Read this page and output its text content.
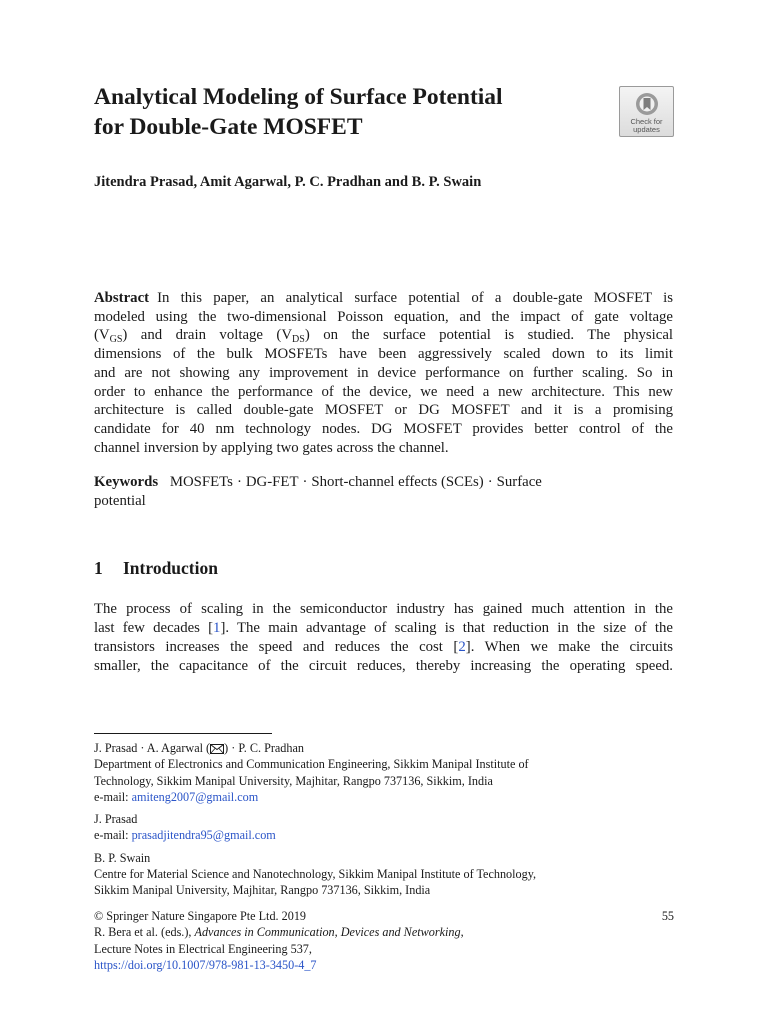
Analytical Modeling of Surface Potential
for Double-Gate MOSFET	Check for
updates
Jitendra Prasad, Amit Agarwal, P. C. Pradhan and B. P. Swain
Abstract In this paper, an analytical surface potential of a double-gate MOSFET is
modeled using the two-dimensional Poisson equation, and the impact of gate voltage
$(V_{GS})$ and drain voltage $(V_{DS})$ on the surface potential is studied. The physical
dimensions of the bulk MOSFETs have been aggressively scaled down to its limit
and are not showing any improvement in device performance on further scaling. So in
order to enhance the performance of the device, we need a new architecture. This new
architecture is called double-gate MOSFET or DG MOSFET and it is a promising
candidate for 40 nm technology nodes. DG MOSFET provides better control of the
channel inversion by applying two gates across the channel.
Keywords MOSFETs · DG-FET · Short-channel effects (SCEs) · Surface
potential
1 Introduction
The process of scaling in the semiconductor industry has gained much attention in the
last few decades [1]. The main advantage of scaling is that reduction in the size of the
transistors increases the speed and reduces the cost [2]. When we make the circuits
smaller, the capacitance of the circuit reduces, thereby increasing the operating speed.
J. Prasad · A. Agarwal ( ) · P. C. Pradhan
Department of Electronics and Communication Engineering, Sikkim Manipal Institute of
Technology, Sikkim Manipal University, Majhitar, Rangpo 737136, Sikkim, India
e-mail: amiteng2007@gmail.com
J. Prasad
e-mail: prasadjitendra95@gmail.com
B. P. Swain
Centre for Material Science and Nanotechnology, Sikkim Manipal Institute of Technology,
Sikkim Manipal University, Majhitar, Rangpo 737136, Sikkim, India
© Springer Nature Singapore Pte Ltd. 2019	55
R. Bera et al. (eds.), Advances in Communication, Devices and Networking,
Lecture Notes in Electrical Engineering 537,
https://doi.org/10.1007/978-981-13-3450-4_7
